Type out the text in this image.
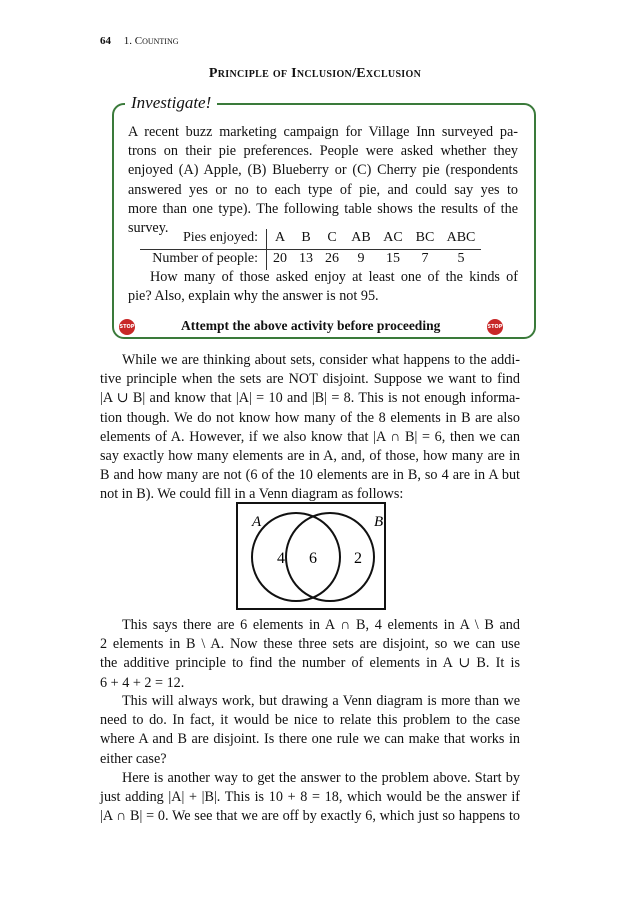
64 1. Counting
Principle of Inclusion/Exclusion
Investigate!
A recent buzz marketing campaign for Village Inn surveyed pa-
trons on their pie preferences. People were asked whether they
enjoyed (A) Apple, (B) Blueberry or (C) Cherry pie (respondents
answered yes or no to each type of pie, and could say yes to
more than one type). The following table shows the results of the
survey.
Pies enjoyed:	A	B	C	AB	AC	BC	ABC
Number of people:	20	13	26	9	15	7	5
How many of those asked enjoy at least one of the kinds of
pie? Also, explain why the answer is not 95.
STOP	Attempt the above activity before proceeding	STOP
While we are thinking about sets, consider what happens to the addi-
tive principle when the sets are NOT disjoint. Suppose we want to find
|A ∪ B| and know that |A| = 10 and |B| = 8. This is not enough informa-
tion though. We do not know how many of the 8 elements in B are also
elements of A. However, if we also know that |A ∩ B| = 6, then we can
say exactly how many elements are in A, and, of those, how many are in
B and how many are not (6 of the 10 elements are in B, so 4 are in A but
not in B). We could fill in a Venn diagram as follows:
A	B
4 6 2
This says there are 6 elements in A ∩ B, 4 elements in A \ B and
2 elements in B \ A. Now these three sets are disjoint, so we can use
the additive principle to find the number of elements in A ∪ B. It is
6 + 4 + 2 = 12.
This will always work, but drawing a Venn diagram is more than we
need to do. In fact, it would be nice to relate this problem to the case
where A and B are disjoint. Is there one rule we can make that works in
either case?
Here is another way to get the answer to the problem above. Start by
just adding |A| + |B|. This is 10 + 8 = 18, which would be the answer if
|A ∩ B| = 0. We see that we are off by exactly 6, which just so happens to
